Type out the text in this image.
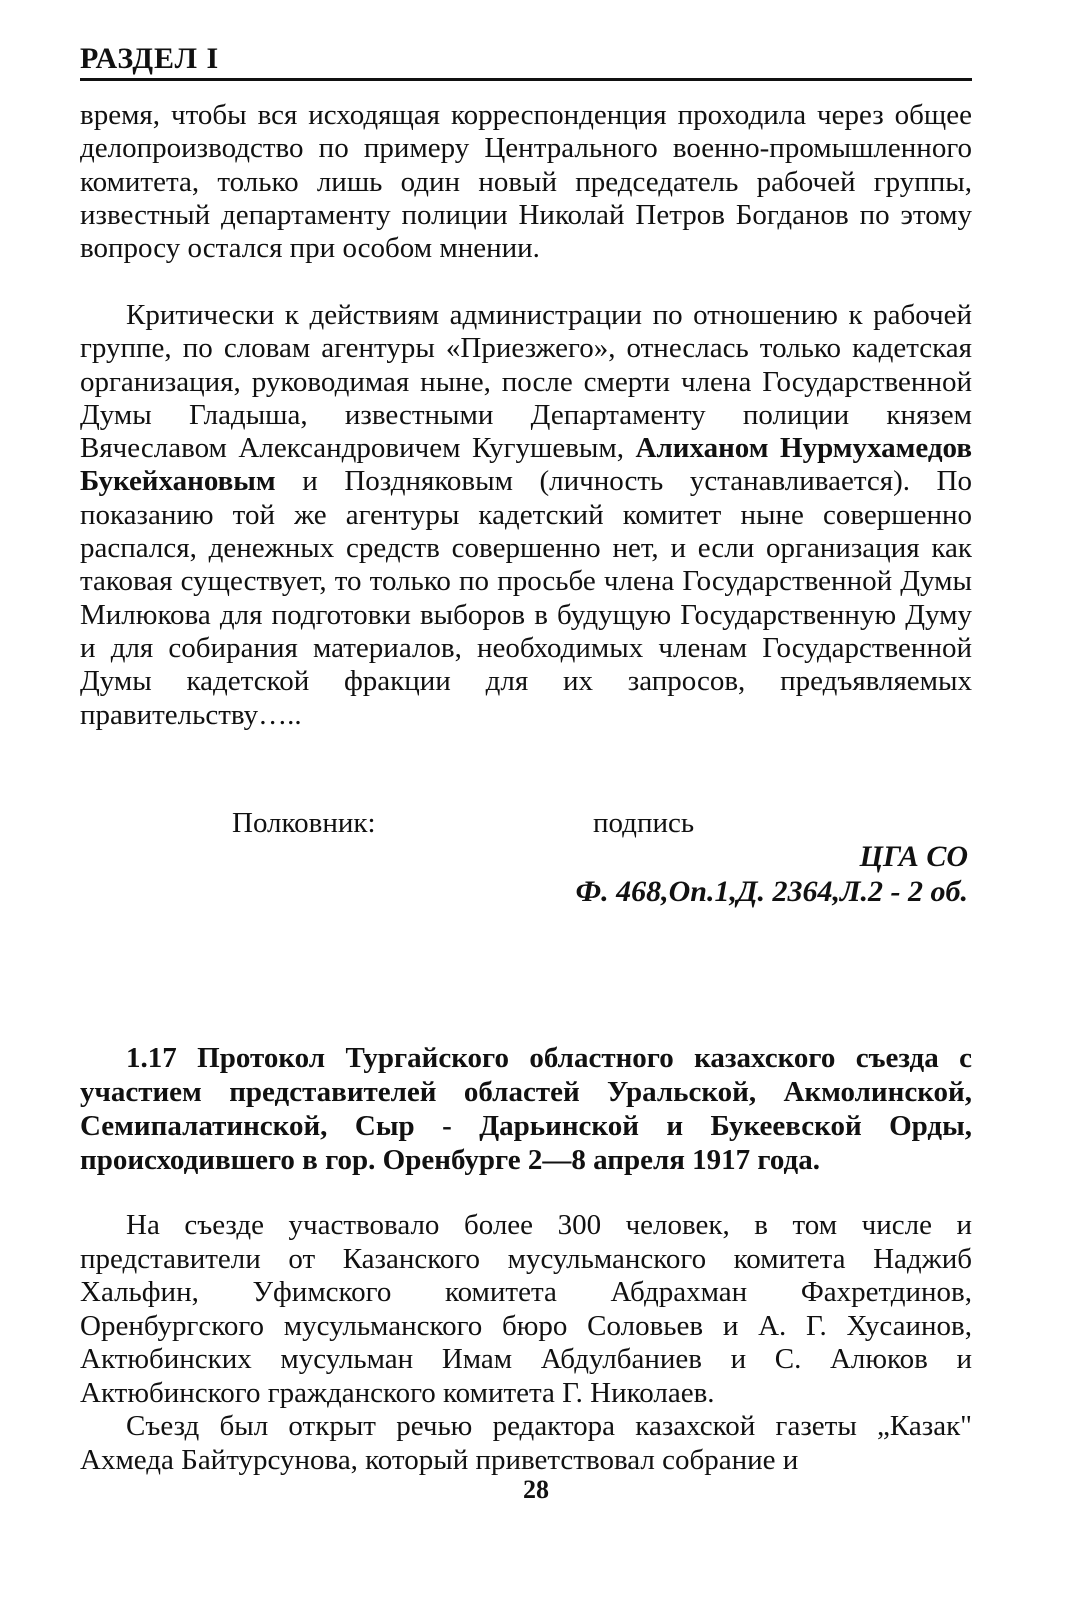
РАЗДЕЛ I
время, чтобы вся исходящая корреспонденция проходила через общее делопроизводство по примеру Центрального военно-промышленного комитета, только лишь один новый председатель рабочей группы, известный департаменту полиции Николай Петров Богданов по этому вопросу остался при особом мнении.
Критически к действиям администрации по отношению к рабочей группе, по словам агентуры «Приезжего», отнеслась только кадетская организация, руководимая ныне, после смерти члена Государственной Думы Гладыша, известными Департаменту полиции князем Вячеславом Александровичем Кугушевым, Алиханом Нурмухамедов Букейхановым и Поздняковым (личность устанавливается). По показанию той же агентуры кадетский комитет ныне совершенно распался, денежных средств совершенно нет, и если организация как таковая существует, то только по просьбе члена Государственной Думы Милюкова для подготовки выборов в будущую Государственную Думу и для собирания материалов, необходимых членам Государственной Думы кадетской фракции для их запросов, предъявляемых правительству…..
Полковник:	подпись
ЦГА СО
Ф. 468,Оп.1,Д. 2364,Л.2 - 2 об.
1.17 Протокол Тургайского областного казахского съезда с участием представителей областей Уральской, Акмолинской, Семипалатинской, Сыр - Дарьинской и Букеевской Орды, происходившего в гор. Оренбурге 2—8 апреля 1917 года.
На съезде участвовало более 300 человек, в том числе и представители от Казанского мусульманского комитета Наджиб Хальфин, Уфимского комитета Абдрахман Фахретдинов, Оренбургского мусульманского бюро Соловьев и А. Г. Хусаинов, Актюбинских мусульман Имам Абдулбаниев и С. Алюков и Актюбинского гражданского комитета Г. Николаев.
Съезд был открыт речью редактора казахской газеты „Казак" Ахмеда Байтурсунова, который приветствовал собрание и
28
